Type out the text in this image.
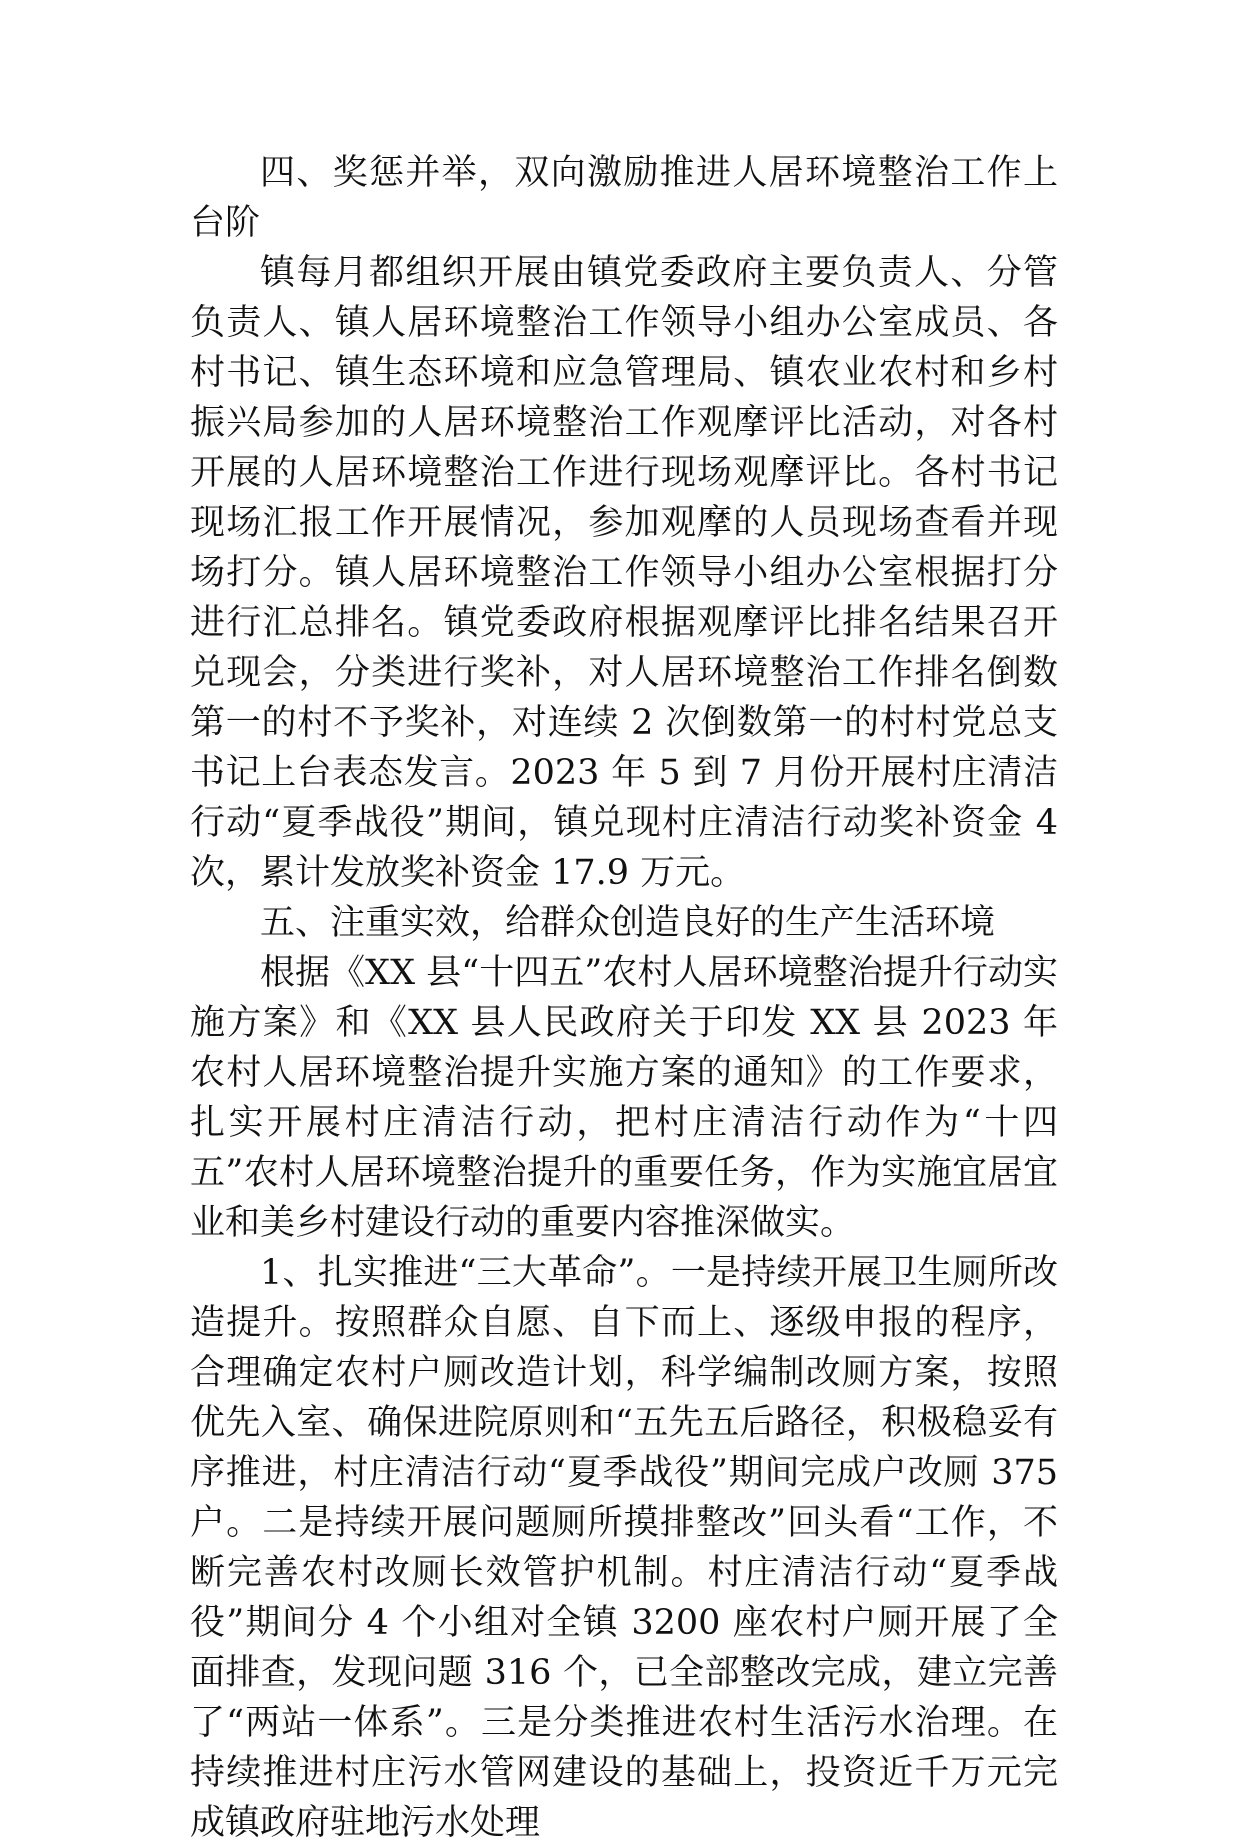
四、奖惩并举，双向激励推进人居环境整治工作上台阶

镇每月都组织开展由镇党委政府主要负责人、分管负责人、镇人居环境整治工作领导小组办公室成员、各村书记、镇生态环境和应急管理局、镇农业农村和乡村振兴局参加的人居环境整治工作观摩评比活动，对各村开展的人居环境整治工作进行现场观摩评比。各村书记现场汇报工作开展情况，参加观摩的人员现场查看并现场打分。镇人居环境整治工作领导小组办公室根据打分进行汇总排名。镇党委政府根据观摩评比排名结果召开兑现会，分类进行奖补，对人居环境整治工作排名倒数第一的村不予奖补，对连续 2 次倒数第一的村村党总支书记上台表态发言。2023 年 5 到 7 月份开展村庄清洁行动“夏季战役”期间，镇兑现村庄清洁行动奖补资金 4 次，累计发放奖补资金 17.9 万元。

五、注重实效，给群众创造良好的生产生活环境

根据《XX 县“十四五”农村人居环境整治提升行动实施方案》和《XX 县人民政府关于印发 XX 县 2023 年农村人居环境整治提升实施方案的通知》的工作要求，扎实开展村庄清洁行动，把村庄清洁行动作为“十四五”农村人居环境整治提升的重要任务，作为实施宜居宜业和美乡村建设行动的重要内容推深做实。

1、扎实推进“三大革命”。一是持续开展卫生厕所改造提升。按照群众自愿、自下而上、逐级申报的程序，合理确定农村户厕改造计划，科学编制改厕方案，按照优先入室、确保进院原则和“五先五后路径，积极稳妥有序推进，村庄清洁行动“夏季战役”期间完成户改厕 375 户。二是持续开展问题厕所摸排整改”回头看“工作，不断完善农村改厕长效管护机制。村庄清洁行动“夏季战役”期间分 4 个小组对全镇 3200 座农村户厕开展了全面排查，发现问题 316 个，已全部整改完成，建立完善了“两站一体系”。三是分类推进农村生活污水治理。在持续推进村庄污水管网建设的基础上，投资近千万元完成镇政府驻地污水处理
